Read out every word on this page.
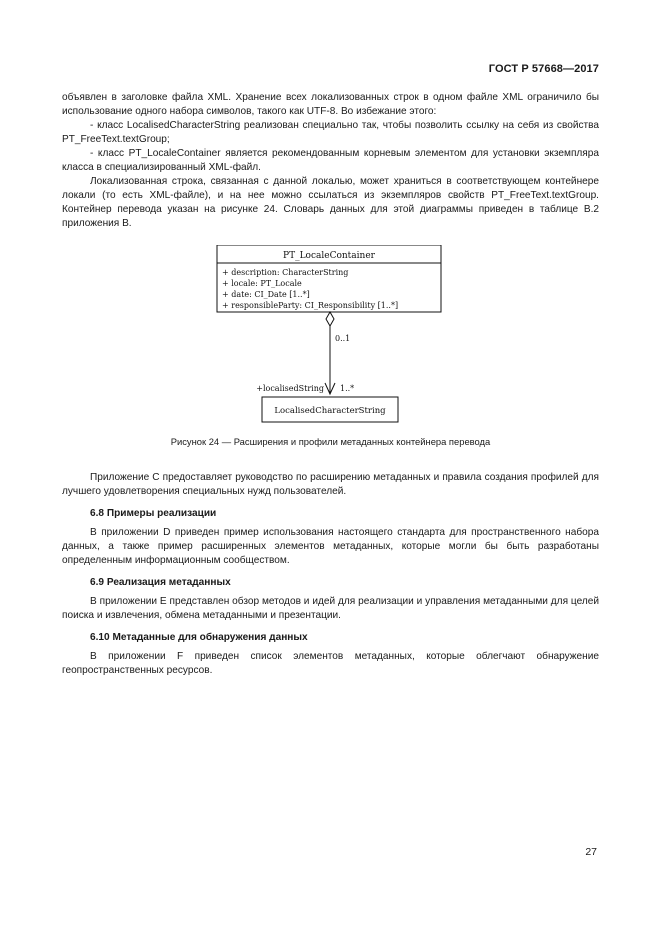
ГОСТ Р 57668—2017

объявлен в заголовке файла XML. Хранение всех локализованных строк в одном файле XML ограничило бы использование одного набора символов, такого как UTF-8. Во избежание этого:

- класс LocalisedCharacterString реализован специально так, чтобы позволить ссылку на себя из свойства PT_FreeText.textGroup;

- класс PT_LocaleContainer является рекомендованным корневым элементом для установки экземпляра класса в специализированный XML-файл.

Локализованная строка, связанная с данной локалью, может храниться в соответствующем контейнере локали (то есть XML-файле), и на нее можно ссылаться из экземпляров свойств PT_FreeText.textGroup. Контейнер перевода указан на рисунке 24. Словарь данных для этой диаграммы приведен в таблице В.2 приложения В.

PT_LocaleContainer
+ description: CharacterString
+ locale: PT_Locale
+ date: CI_Date [1..*]
+ responsibleParty: CI_Responsibility [1..*]
0..1
+localisedString 1..*
LocalisedCharacterString

Рисунок 24 — Расширения и профили метаданных контейнера перевода

Приложение С предоставляет руководство по расширению метаданных и правила создания профилей для лучшего удовлетворения специальных нужд пользователей.

6.8 Примеры реализации

В приложении D приведен пример использования настоящего стандарта для пространственного набора данных, а также пример расширенных элементов метаданных, которые могли бы быть разработаны определенным информационным сообществом.

6.9 Реализация метаданных

В приложении Е представлен обзор методов и идей для реализации и управления метаданными для целей поиска и извлечения, обмена метаданными и презентации.

6.10 Метаданные для обнаружения данных

В приложении F приведен список элементов метаданных, которые облегчают обнаружение геопространственных ресурсов.

27
